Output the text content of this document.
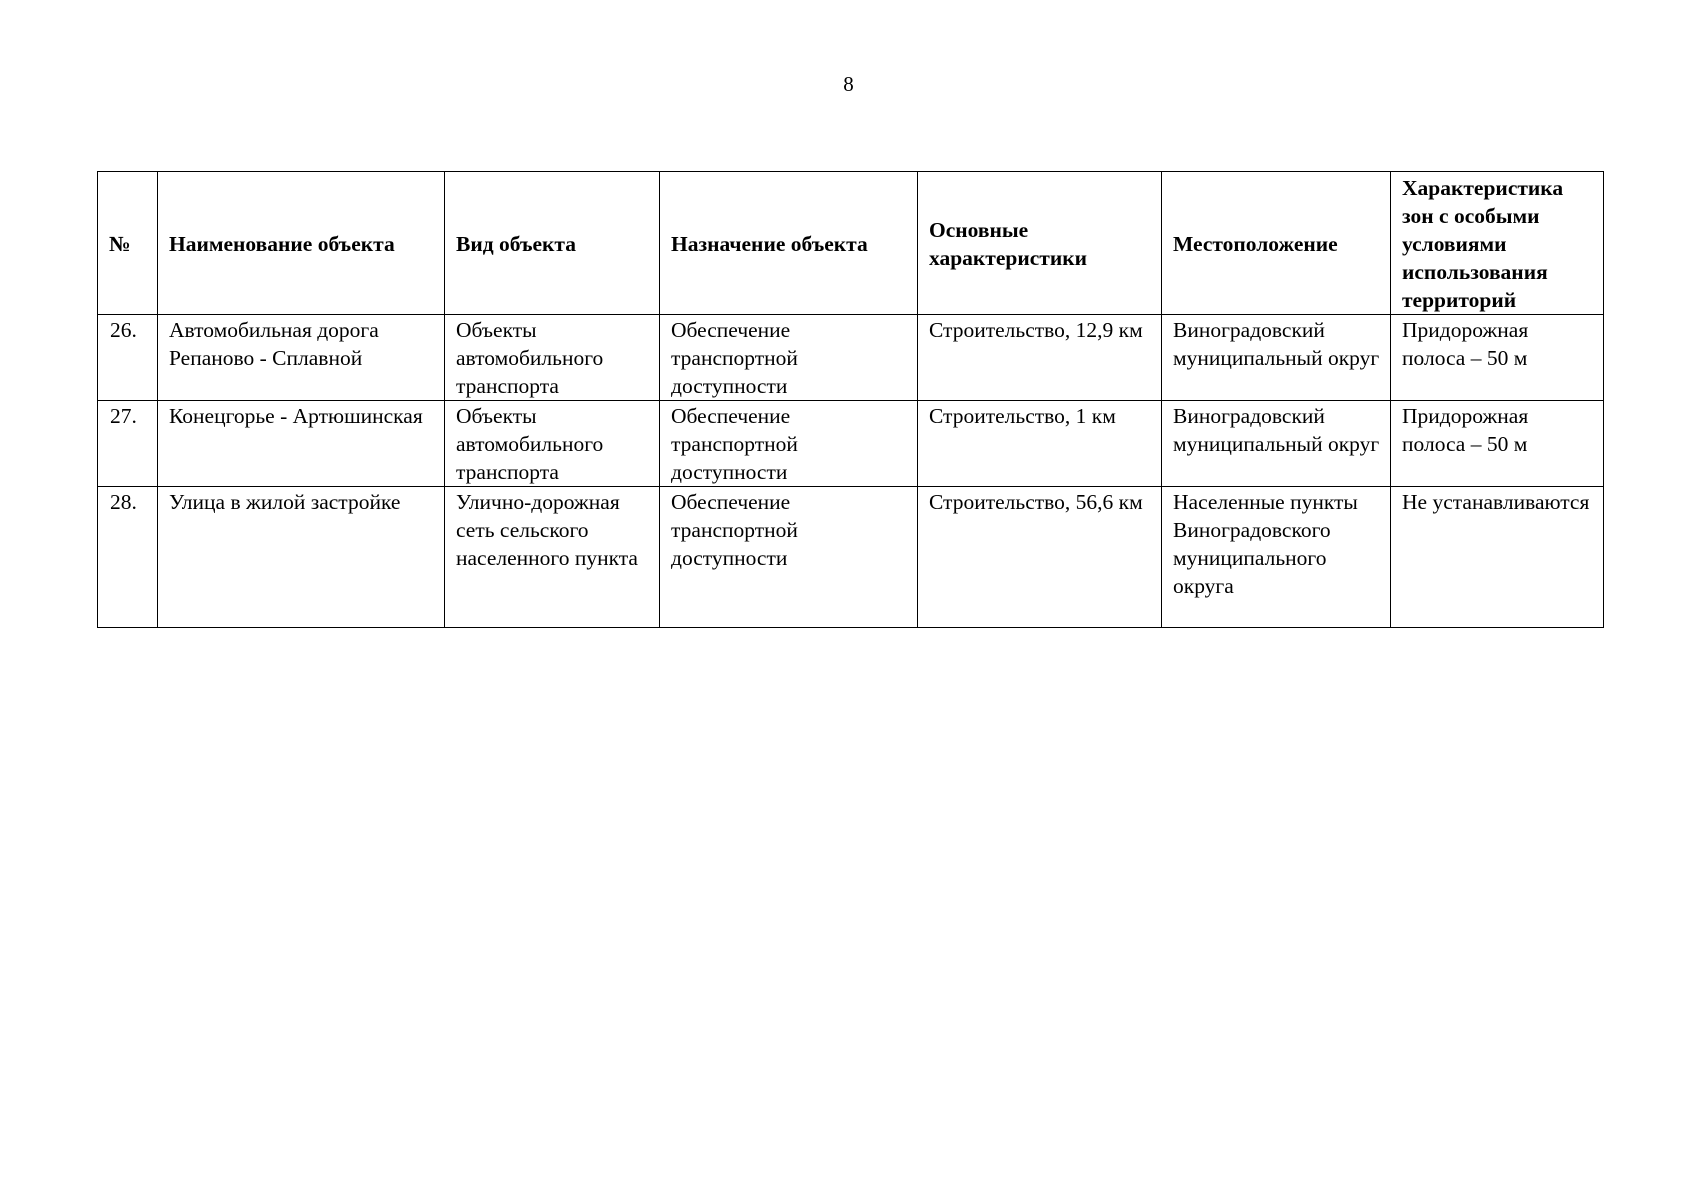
8
№	Наименование объекта	Вид объекта	Назначение объекта	Основные характеристики	Местоположение	Характеристика зон с особыми условиями использования территорий
26.	Автомобильная дорога Репаново - Сплавной	Объекты автомобильного транспорта	Обеспечение транспортной доступности	Строительство, 12,9 км	Виноградовский муниципальный округ	Придорожная полоса – 50 м
27.	Конецгорье - Артюшинская	Объекты автомобильного транспорта	Обеспечение транспортной доступности	Строительство, 1 км	Виноградовский муниципальный округ	Придорожная полоса – 50 м
28.	Улица в жилой застройке	Улично-дорожная сеть сельского населенного пункта	Обеспечение транспортной доступности	Строительство, 56,6 км	Населенные пункты Виноградовского муниципального округа	Не устанавливаются
